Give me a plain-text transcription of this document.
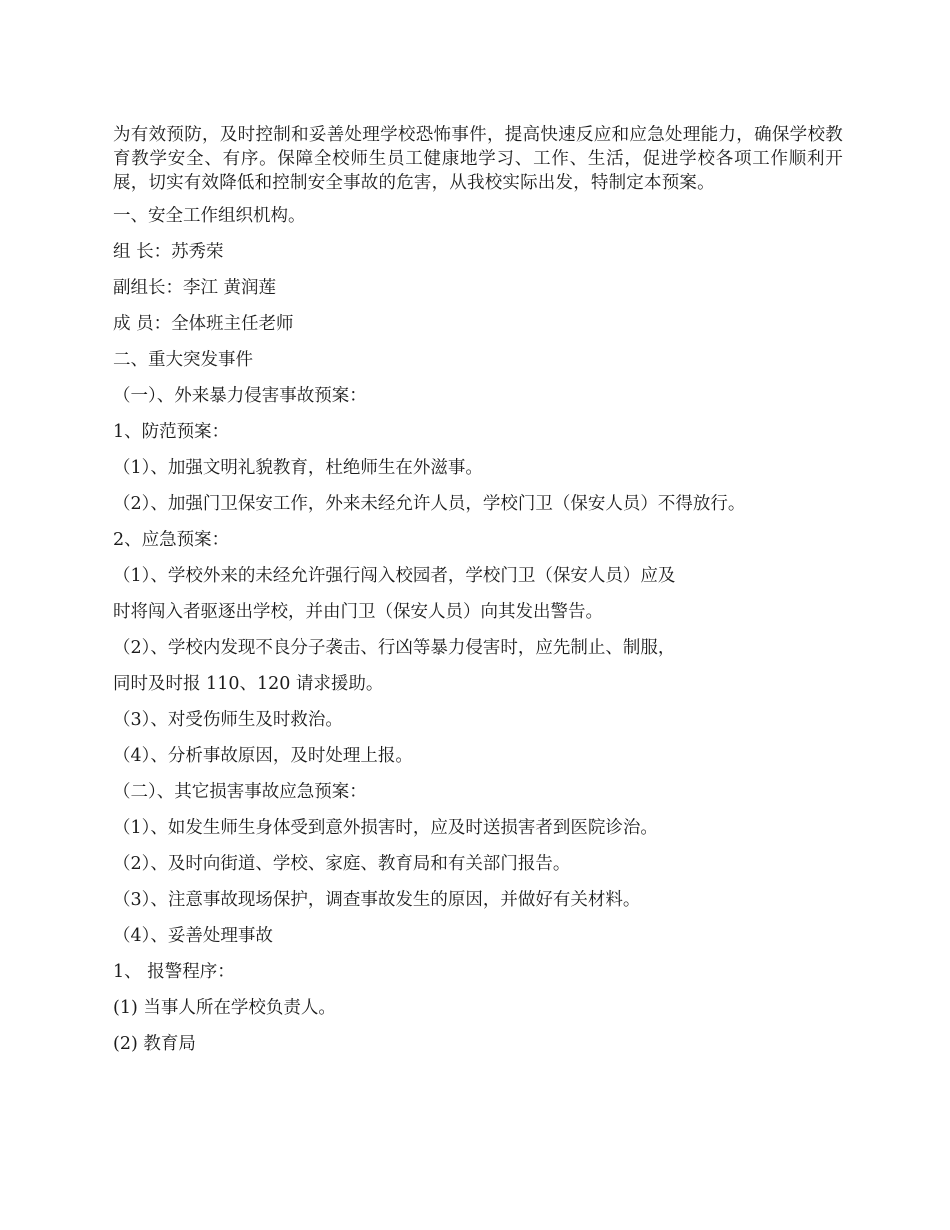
为有效预防，及时控制和妥善处理学校恐怖事件，提高快速反应和应急处理能力，确保学校教育教学安全、有序。保障全校师生员工健康地学习、工作、生活，促进学校各项工作顺利开展，切实有效降低和控制安全事故的危害，从我校实际出发，特制定本预案。

一、安全工作组织机构。

组 长：苏秀荣

副组长：李江 黄润莲

成 员：全体班主任老师

二、重大突发事件

（一）、外来暴力侵害事故预案：

1、防范预案：

（1）、加强文明礼貌教育，杜绝师生在外滋事。

（2）、加强门卫保安工作，外来未经允许人员，学校门卫（保安人员）不得放行。

2、应急预案：

（1）、学校外来的未经允许强行闯入校园者，学校门卫（保安人员）应及

时将闯入者驱逐出学校，并由门卫（保安人员）向其发出警告。

（2）、学校内发现不良分子袭击、行凶等暴力侵害时，应先制止、制服，

同时及时报 110、120 请求援助。

（3）、对受伤师生及时救治。

（4）、分析事故原因，及时处理上报。

（二）、其它损害事故应急预案：

（1）、如发生师生身体受到意外损害时，应及时送损害者到医院诊治。

（2）、及时向街道、学校、家庭、教育局和有关部门报告。

（3）、注意事故现场保护，调查事故发生的原因，并做好有关材料。

（4）、妥善处理事故

1、 报警程序：

(1) 当事人所在学校负责人。

(2) 教育局
